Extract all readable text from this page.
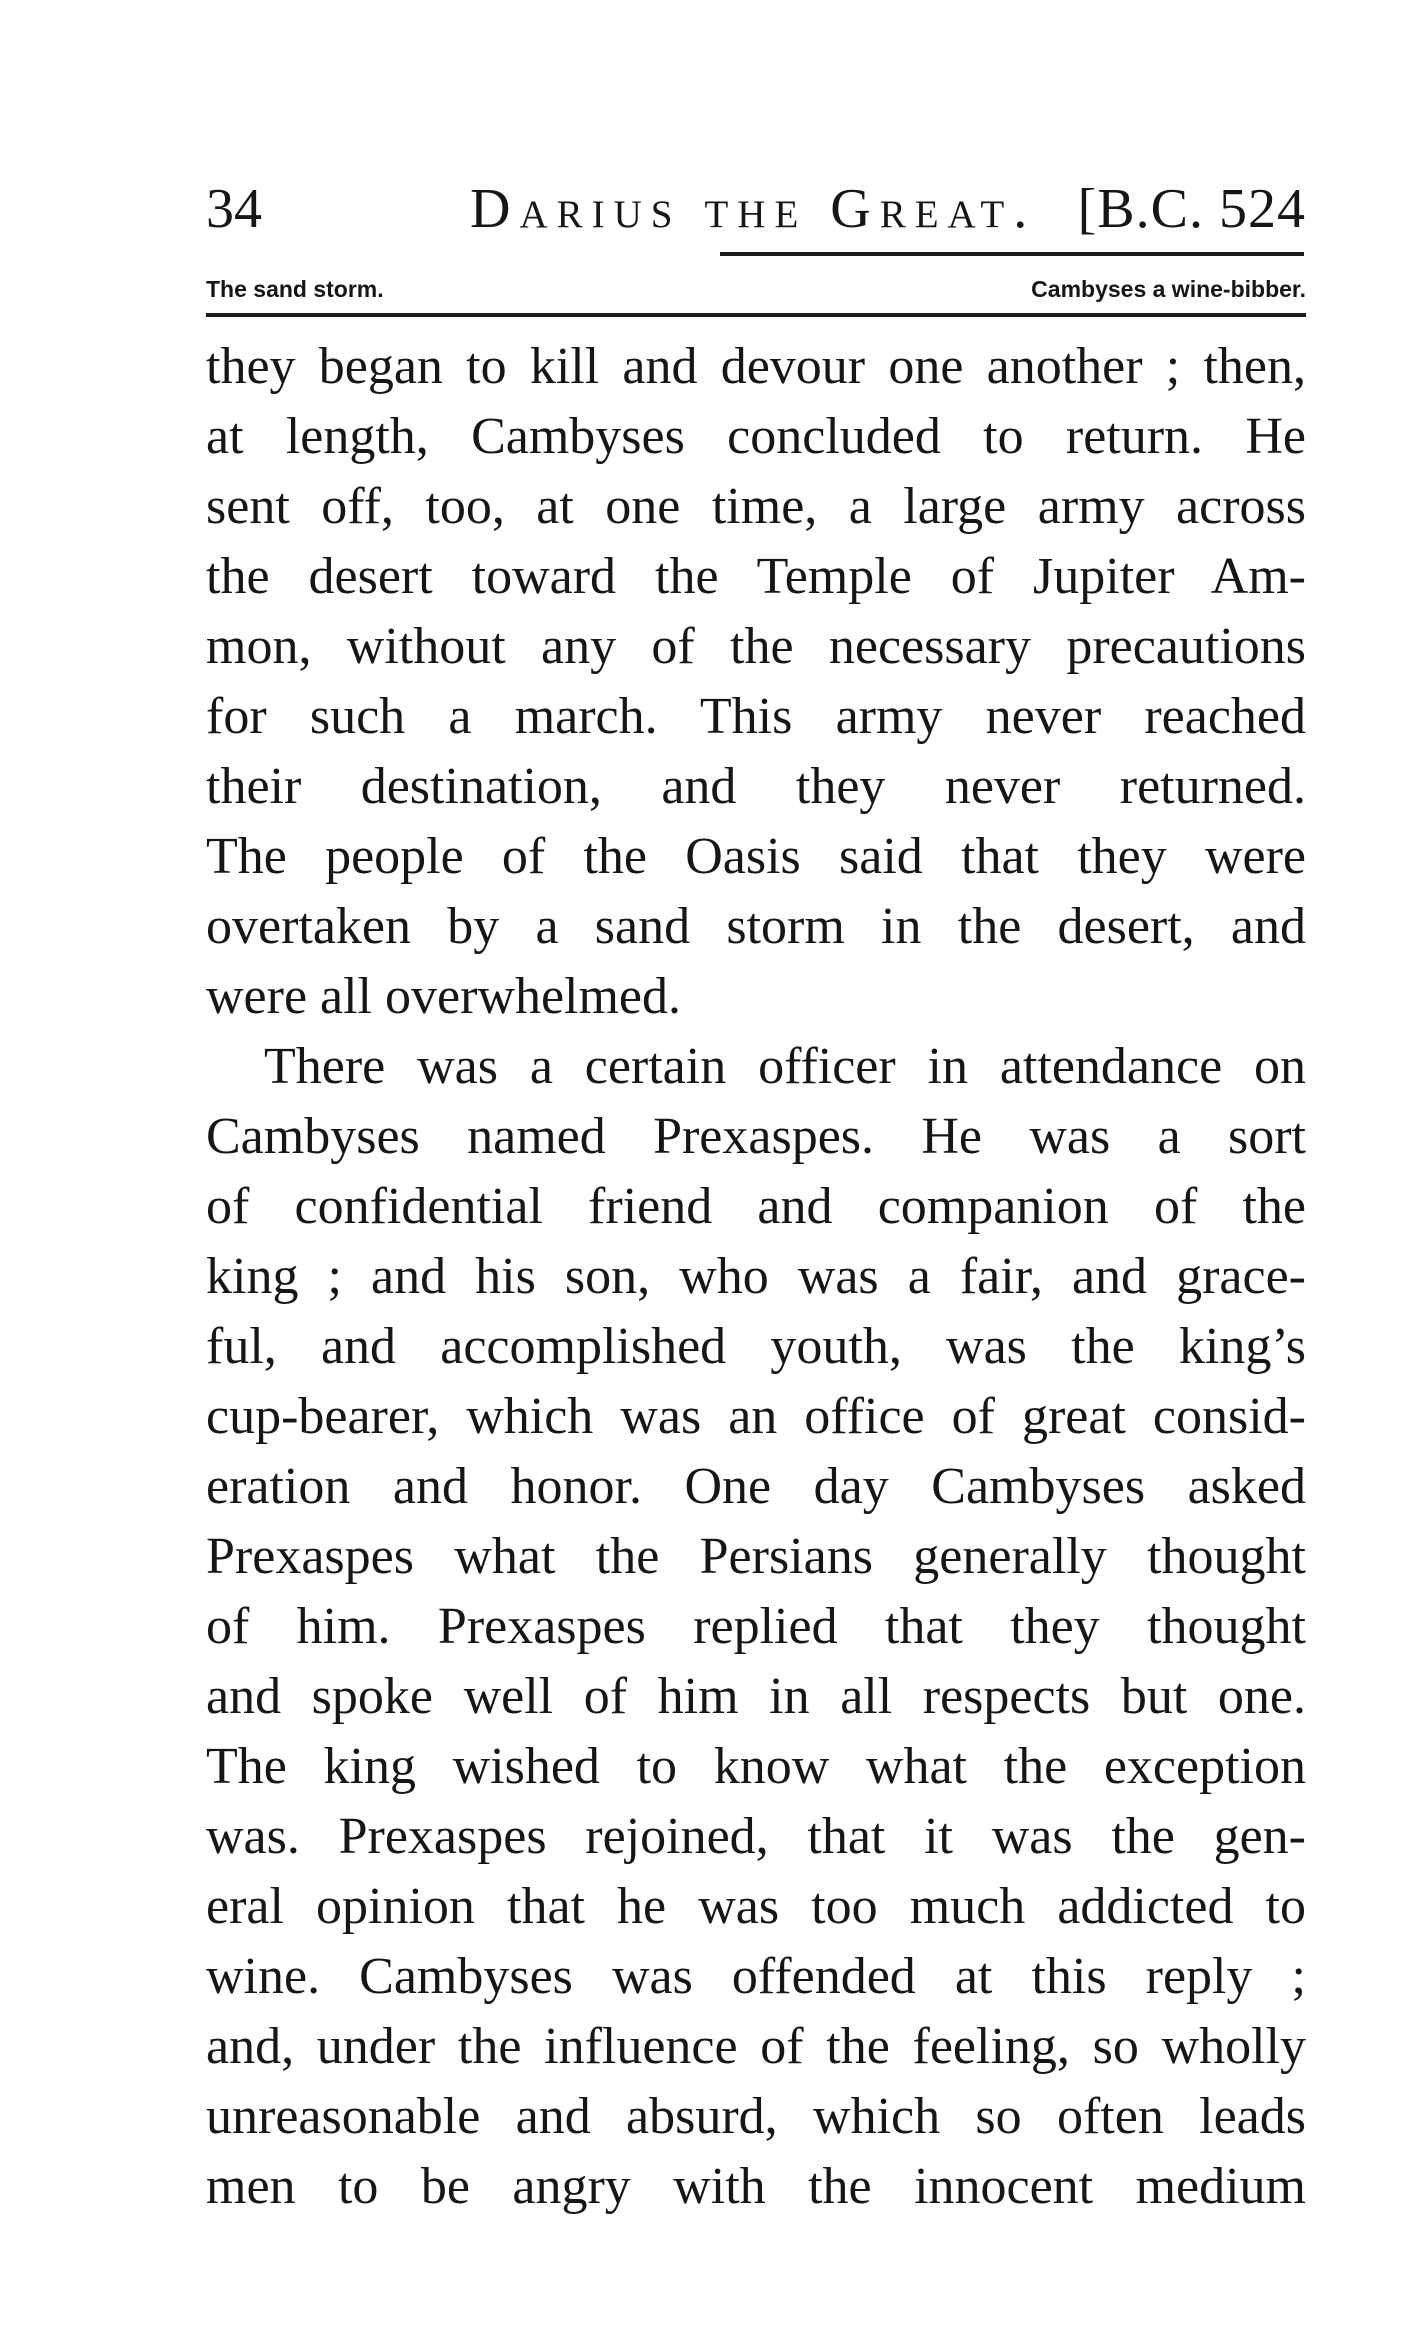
34	Darius the Great. [B.C. 524
The sand storm.	Cambyses a wine-bibber.

they began to kill and devour one another ; then,
at length, Cambyses concluded to return. He
sent off, too, at one time, a large army across
the desert toward the Temple of Jupiter Am-
mon, without any of the necessary precautions
for such a march. This army never reached
their destination, and they never returned.
The people of the Oasis said that they were
overtaken by a sand storm in the desert, and
were all overwhelmed.

There was a certain officer in attendance on
Cambyses named Prexaspes. He was a sort
of confidential friend and companion of the
king ; and his son, who was a fair, and grace-
ful, and accomplished youth, was the king’s
cup-bearer, which was an office of great consid-
eration and honor. One day Cambyses asked
Prexaspes what the Persians generally thought
of him. Prexaspes replied that they thought
and spoke well of him in all respects but one.
The king wished to know what the exception
was. Prexaspes rejoined, that it was the gen-
eral opinion that he was too much addicted to
wine. Cambyses was offended at this reply ;
and, under the influence of the feeling, so wholly
unreasonable and absurd, which so often leads
men to be angry with the innocent medium
